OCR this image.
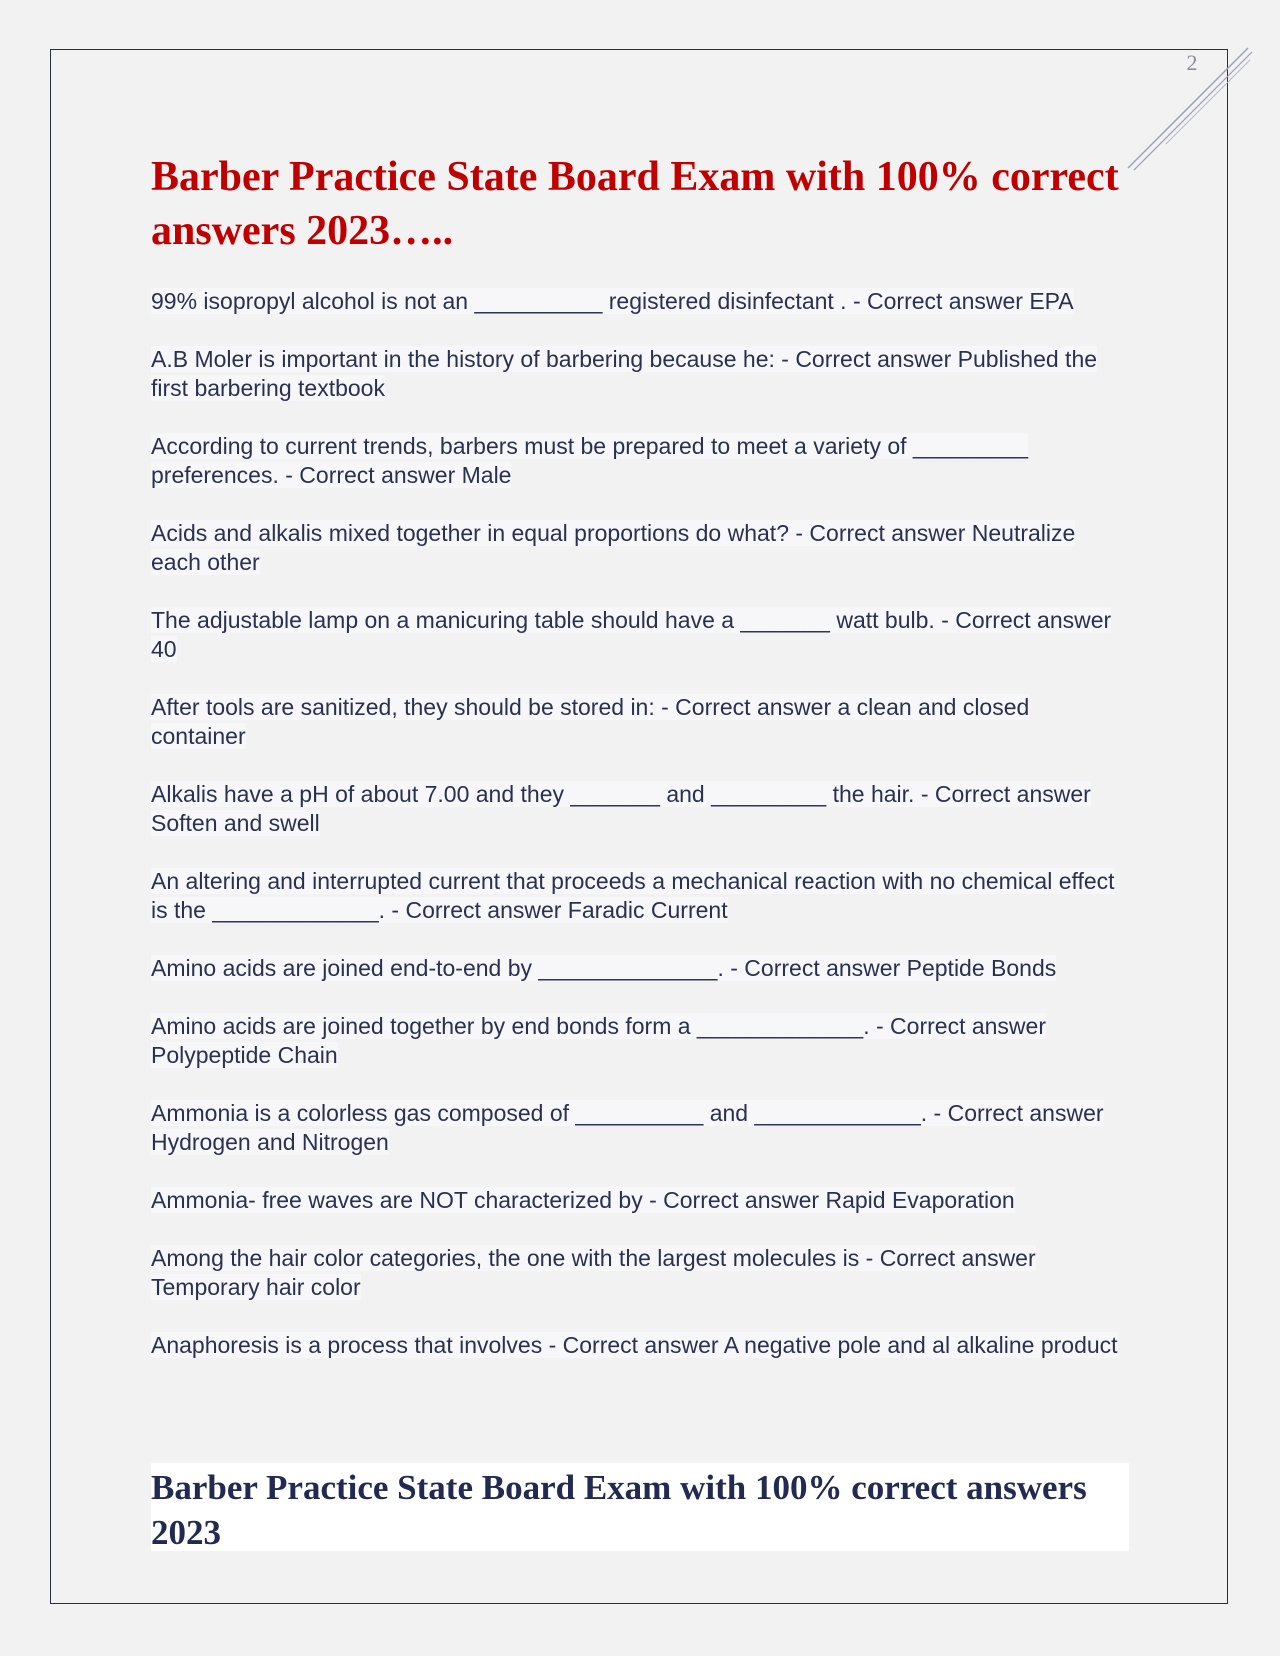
2
Barber Practice State Board Exam with 100% correct answers 2023…..
99% isopropyl alcohol is not an __________ registered disinfectant . - Correct answer EPA
A.B Moler is important in the history of barbering because he: - Correct answer Published the first barbering textbook
According to current trends, barbers must be prepared to meet a variety of _________ preferences. - Correct answer Male
Acids and alkalis mixed together in equal proportions do what? - Correct answer Neutralize each other
The adjustable lamp on a manicuring table should have a _______ watt bulb. - Correct answer 40
After tools are sanitized, they should be stored in: - Correct answer a clean and closed container
Alkalis have a pH of about 7.00 and they _______ and _________ the hair. - Correct answer Soften and swell
An altering and interrupted current that proceeds a mechanical reaction with no chemical effect is the _____________. - Correct answer Faradic Current
Amino acids are joined end-to-end by ______________. - Correct answer Peptide Bonds
Amino acids are joined together by end bonds form a _____________. - Correct answer Polypeptide Chain
Ammonia is a colorless gas composed of __________ and _____________. - Correct answer Hydrogen and Nitrogen
Ammonia- free waves are NOT characterized by - Correct answer Rapid Evaporation
Among the hair color categories, the one with the largest molecules is - Correct answer Temporary hair color
Anaphoresis is a process that involves - Correct answer A negative pole and al alkaline product
Barber Practice State Board Exam with 100% correct answers 2023
